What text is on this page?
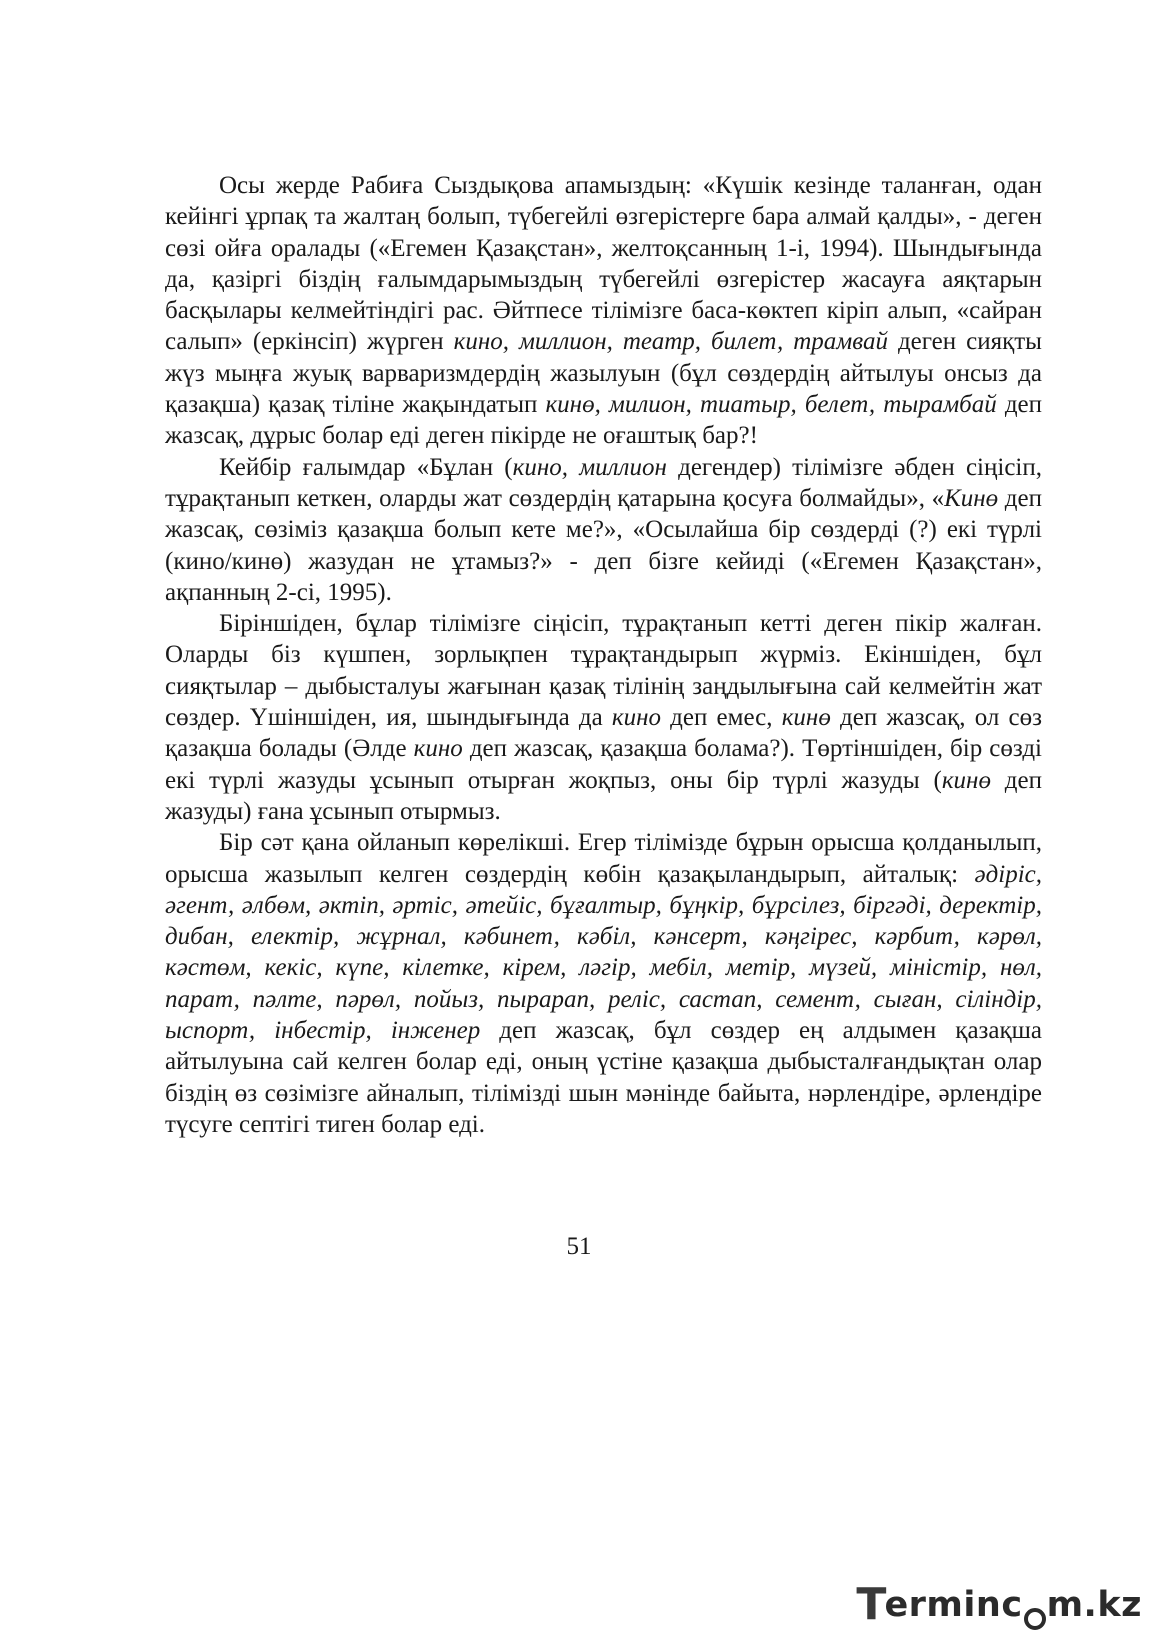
Осы жерде Рабиға Сыздықова апамыздың: «Күшік кезінде таланған, одан кейінгі ұрпақ та жалтаң болып, түбегейлі өзгерістерге бара алмай қалды», - деген сөзі ойға оралады («Егемен Қазақстан», желтоқсанның 1-і, 1994). Шындығында да, қазіргі біздің ғалымдарымыздың түбегейлі өзгерістер жасауға аяқтарын басқылары келмейтіндігі рас. Әйтпесе тілімізге баса-көктеп кіріп алып, «сайран салып» (еркінсіп) жүрген кино, миллион, театр, билет, трамвай деген сияқты жүз мыңға жуық варваризмдердің жазылуын (бұл сөздердің айтылуы онсыз да қазақша) қазақ тіліне жақындатып кинө, милион, тиатыр, белет, тырамбай деп жазсақ, дұрыс болар еді деген пікірде не оғаштық бар?!

Кейбір ғалымдар «Бұлан (кино, миллион дегендер) тілімізге әбден сіңісіп, тұрақтанып кеткен, оларды жат сөздердің қатарына қосуға болмайды», «Кинө деп жазсақ, сөзіміз қазақша болып кете ме?», «Осылайша бір сөздерді (?) екі түрлі (кино/кинө) жазудан не ұтамыз?» - деп бізге кейиді («Егемен Қазақстан», ақпанның 2-сі, 1995).

Біріншіден, бұлар тілімізге сіңісіп, тұрақтанып кетті деген пікір жалған. Оларды біз күшпен, зорлықпен тұрақтандырып жүрміз. Екіншіден, бұл сияқтылар – дыбысталуы жағынан қазақ тілінің заңдылығына сай келмейтін жат сөздер. Үшіншіден, ия, шындығында да кино деп емес, кинө деп жазсақ, ол сөз қазақша болады (Әлде кино деп жазсақ, қазақша болама?). Төртіншіден, бір сөзді екі түрлі жазуды ұсынып отырған жоқпыз, оны бір түрлі жазуды (кинө деп жазуды) ғана ұсынып отырмыз.

Бір сәт қана ойланып көрелікші. Егер тілімізде бұрын орысша қолданылып, орысша жазылып келген сөздердің көбін қазақыландырып, айталық: әдіріс, әгент, әлбөм, әктіп, әртіс, әтейіс, бұғалтыр, бұңкір, бұрсілез, біргәді, деректір, дибан, електір, жұрнал, кәбинет, кәбіл, кәнсерт, кәңгірес, кәрбит, кәрөл, кәстөм, кекіс, күпе, кілетке, кірем, ләгір, мебіл, метір, мүзей, міністір, нөл, парат, пәлте, пәрөл, пойыз, пырарап, реліс, састап, семент, сыған, сіліндір, ыспорт, інбестір, інженер деп жазсақ, бұл сөздер ең алдымен қазақша айтылуына сай келген болар еді, оның үстіне қазақша дыбысталғандықтан олар біздің өз сөзімізге айналып, тілімізді шын мәнінде байыта, нәрлендіре, әрлендіре түсуге септігі тиген болар еді.

51
T
erminc m.kz
